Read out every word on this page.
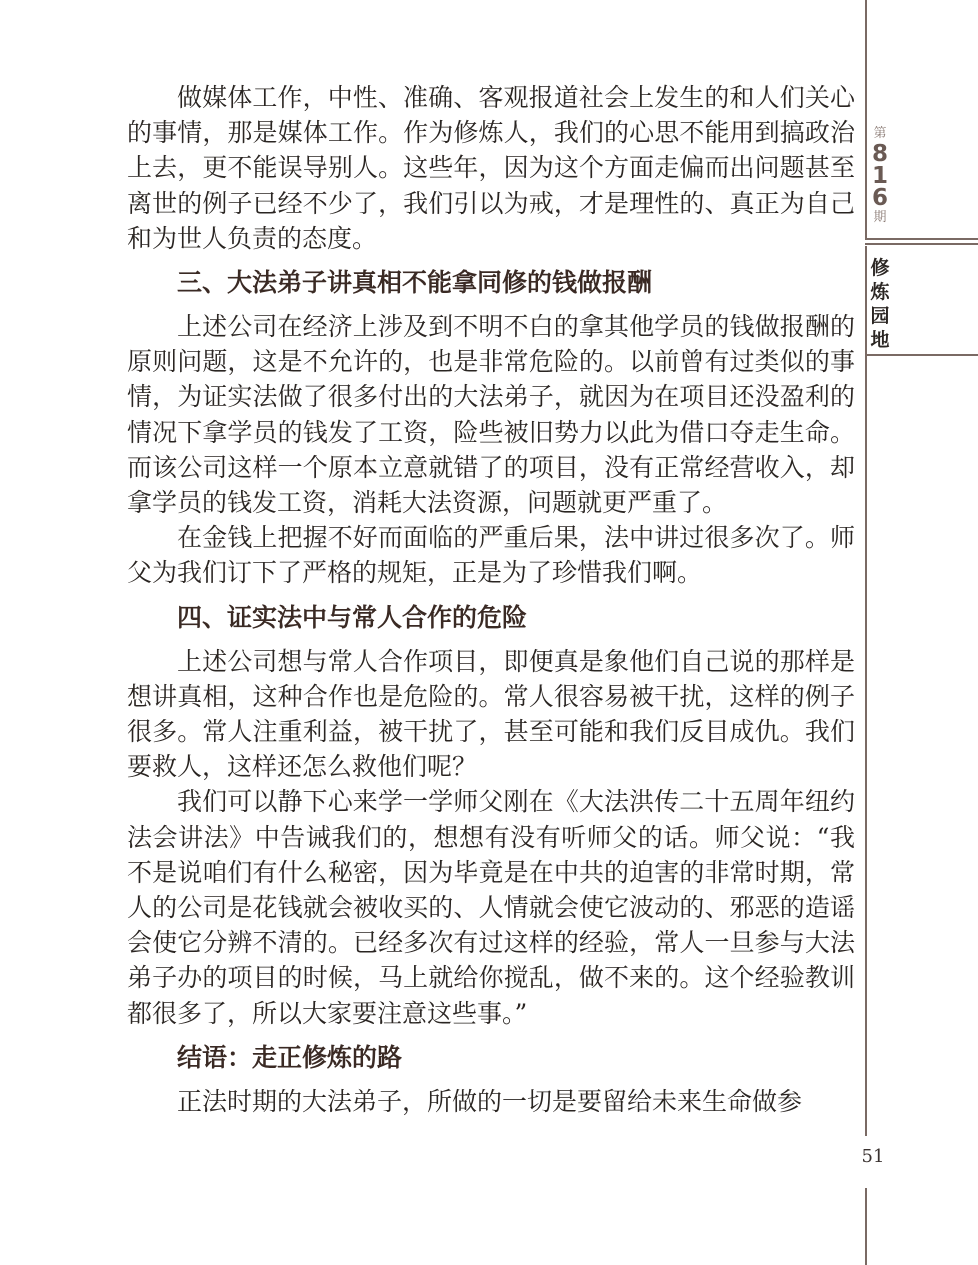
做媒体工作，中性、准确、客观报道社会上发生的和人们关心的事情，那是媒体工作。作为修炼人，我们的心思不能用到搞政治上去，更不能误导别人。这些年，因为这个方面走偏而出问题甚至离世的例子已经不少了，我们引以为戒，才是理性的、真正为自己和为世人负责的态度。

三、大法弟子讲真相不能拿同修的钱做报酬

上述公司在经济上涉及到不明不白的拿其他学员的钱做报酬的原则问题，这是不允许的，也是非常危险的。以前曾有过类似的事情，为证实法做了很多付出的大法弟子，就因为在项目还没盈利的情况下拿学员的钱发了工资，险些被旧势力以此为借口夺走生命。而该公司这样一个原本立意就错了的项目，没有正常经营收入，却拿学员的钱发工资，消耗大法资源，问题就更严重了。

在金钱上把握不好而面临的严重后果，法中讲过很多次了。师父为我们订下了严格的规矩，正是为了珍惜我们啊。

四、证实法中与常人合作的危险

上述公司想与常人合作项目，即便真是象他们自己说的那样是想讲真相，这种合作也是危险的。常人很容易被干扰，这样的例子很多。常人注重利益，被干扰了，甚至可能和我们反目成仇。我们要救人，这样还怎么救他们呢？

我们可以静下心来学一学师父刚在《大法洪传二十五周年纽约法会讲法》中告诫我们的，想想有没有听师父的话。师父说：“我不是说咱们有什么秘密，因为毕竟是在中共的迫害的非常时期，常人的公司是花钱就会被收买的、人情就会使它波动的、邪恶的造谣会使它分辨不清的。已经多次有过这样的经验，常人一旦参与大法弟子办的项目的时候，马上就给你搅乱，做不来的。这个经验教训都很多了，所以大家要注意这些事。”

结语：走正修炼的路

正法时期的大法弟子，所做的一切是要留给未来生命做参

第
8
1
6
期
修
炼
园
地
51
